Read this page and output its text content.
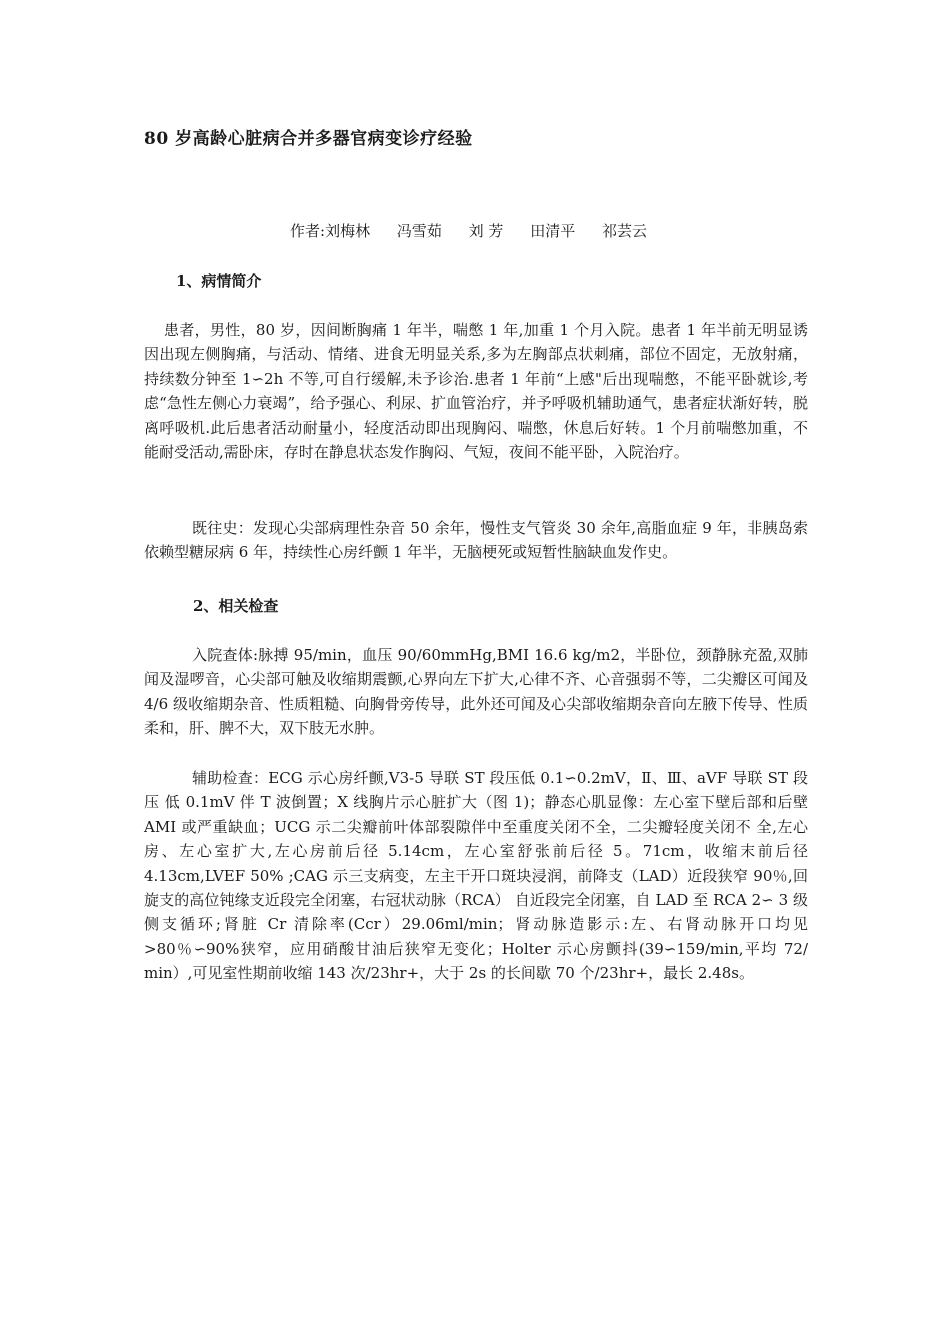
80 岁高龄心脏病合并多器官病变诊疗经验
作者:刘梅林 冯雪茹 刘 芳 田清平 祁芸云
1、病情简介

患者，男性，80 岁，因间断胸痛 1 年半，喘憋 1 年,加重 1 个月入院。患者 1 年半前无明显诱因出现左侧胸痛，与活动、情绪、进食无明显关系,多为左胸部点状刺痛，部位不固定，无放射痛，持续数分钟至 1∽2h 不等,可自行缓解,未予诊治.患者 1 年前“上感"后出现喘憋，不能平卧就诊,考虑“急性左侧心力衰竭”，给予强心、利尿、扩血管治疗，并予呼吸机辅助通气，患者症状渐好转，脱离呼吸机.此后患者活动耐量小，轻度活动即出现胸闷、喘憋，休息后好转。1 个月前喘憋加重，不能耐受活动,需卧床，存时在静息状态发作胸闷、气短，夜间不能平卧，入院治疗。

既往史：发现心尖部病理性杂音 50 余年，慢性支气管炎 30 余年,高脂血症 9 年，非胰岛索 依赖型糖尿病 6 年，持续性心房纤颤 1 年半，无脑梗死或短暂性脑缺血发作史。

2、相关检查

入院查体:脉搏 95/min，血压 90/60mmHg,BMI 16.6 kg/m2，半卧位，颈静脉充盈,双肺 闻及湿啰音，心尖部可触及收缩期震颤,心界向左下扩大,心律不齐、心音强弱不等，二尖瓣区可闻及 4/6 级收缩期杂音、性质粗糙、向胸骨旁传导，此外还可闻及心尖部收缩期杂音向左腋下传导、性质柔和，肝、脾不大，双下肢无水肿。

辅助检查：ECG 示心房纤颤,V3-5 导联 ST 段压低 0.1∽0.2mV，Ⅱ、Ⅲ、aVF 导联 ST 段压 低 0.1mV 伴 T 波倒置；X 线胸片示心脏扩大（图 1)；静态心肌显像：左心室下壁后部和后壁 AMI 或严重缺血；UCG 示二尖瓣前叶体部裂隙伴中至重度关闭不全，二尖瓣轻度关闭不 全,左心房、左心室扩大,左心房前后径 5.14cm，左心室舒张前后径 5。71cm，收缩末前后径 4.13cm,LVEF 50% ;CAG 示三支病变，左主干开口斑块浸润，前降支（LAD）近段狭窄 90％,回旋支的高位钝缘支近段完全闭塞，右冠状动脉（RCA） 自近段完全闭塞，自 LAD 至 RCA 2∽ 3 级侧支循环;肾脏 Cr 清除率(Ccr）29.06ml/min；肾动脉造影示:左、右肾动脉开口均见>80％∽90%狭窄，应用硝酸甘油后狭窄无变化；Holter 示心房颤抖(39∽159/min,平均 72/ min）,可见室性期前收缩 143 次/23hr+，大于 2s 的长间歇 70 个/23hr+，最长 2.48s。
